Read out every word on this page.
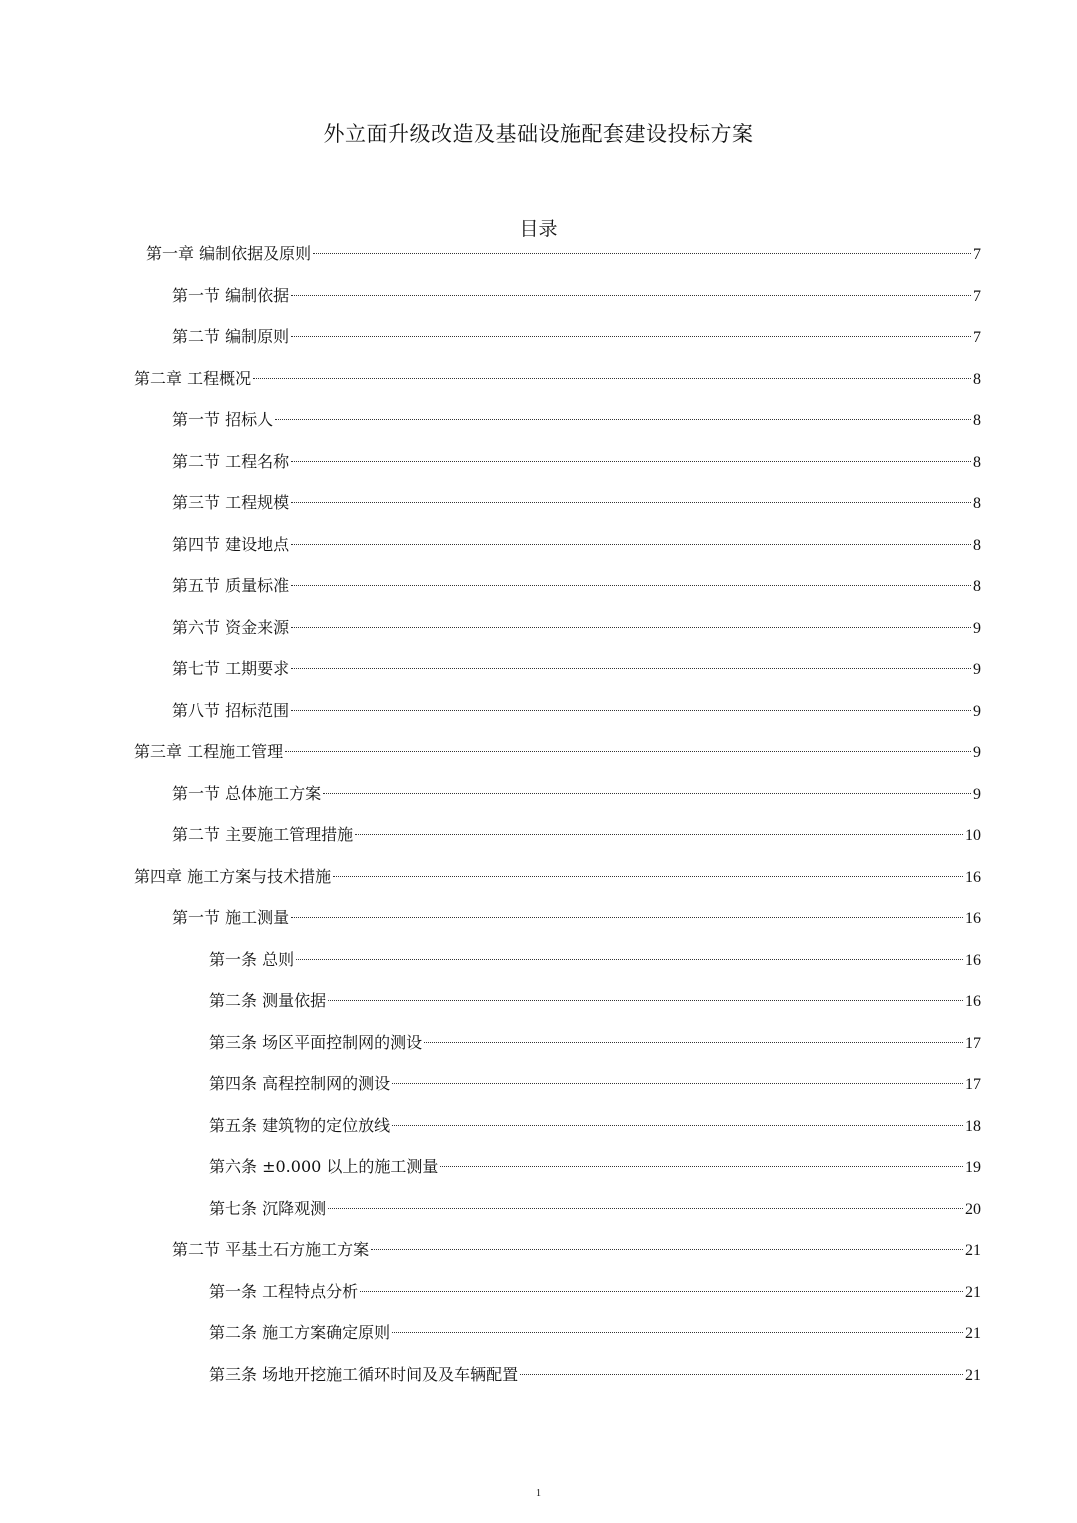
外立面升级改造及基础设施配套建设投标方案
目录
第一章 编制依据及原则	7
第一节 编制依据	7
第二节 编制原则	7
第二章 工程概况	8
第一节 招标人	8
第二节 工程名称	8
第三节 工程规模	8
第四节 建设地点	8
第五节 质量标准	8
第六节 资金来源	9
第七节 工期要求	9
第八节 招标范围	9
第三章 工程施工管理	9
第一节 总体施工方案	9
第二节 主要施工管理措施	10
第四章 施工方案与技术措施	16
第一节 施工测量	16
第一条 总则	16
第二条 测量依据	16
第三条 场区平面控制网的测设	17
第四条 高程控制网的测设	17
第五条 建筑物的定位放线	18
第六条 ±0.000 以上的施工测量	19
第七条 沉降观测	20
第二节 平基土石方施工方案	21
第一条 工程特点分析	21
第二条 施工方案确定原则	21
第三条 场地开挖施工循环时间及及车辆配置	21
1
